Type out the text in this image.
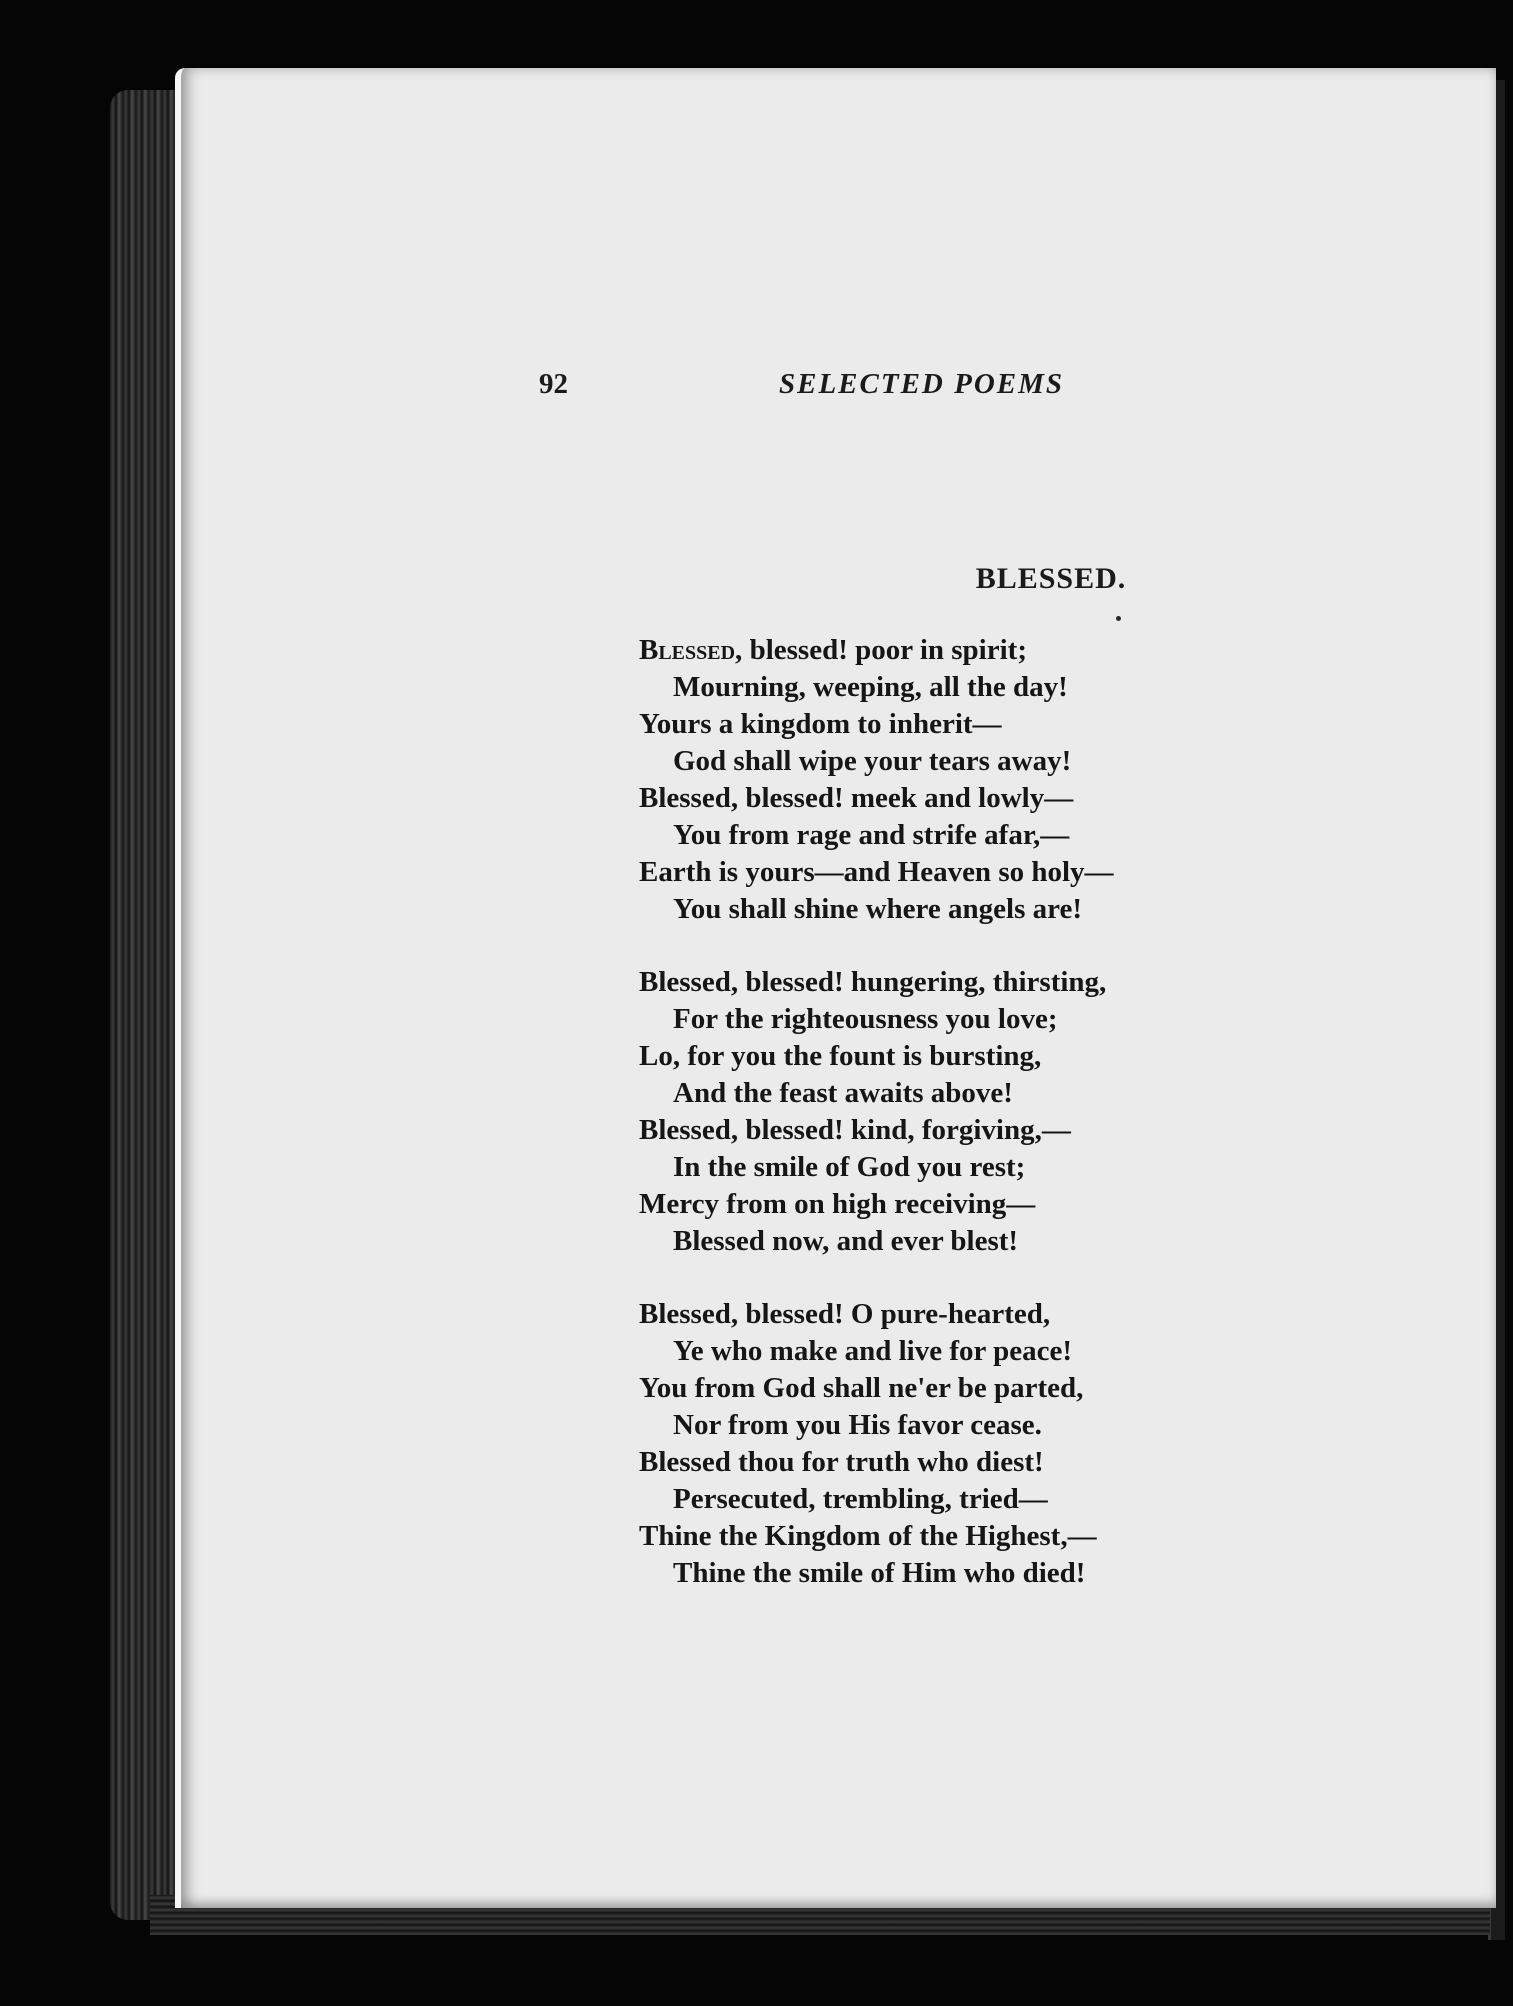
92	SELECTED POEMS
BLESSED.
Blessed, blessed! poor in spirit;
Mourning, weeping, all the day!
Yours a kingdom to inherit—
God shall wipe your tears away!
Blessed, blessed! meek and lowly—
You from rage and strife afar,—
Earth is yours—and Heaven so holy—
You shall shine where angels are!
Blessed, blessed! hungering, thirsting,
For the righteousness you love;
Lo, for you the fount is bursting,
And the feast awaits above!
Blessed, blessed! kind, forgiving,—
In the smile of God you rest;
Mercy from on high receiving—
Blessed now, and ever blest!
Blessed, blessed! O pure-hearted,
Ye who make and live for peace!
You from God shall ne'er be parted,
Nor from you His favor cease.
Blessed thou for truth who diest!
Persecuted, trembling, tried—
Thine the Kingdom of the Highest,—
Thine the smile of Him who died!
